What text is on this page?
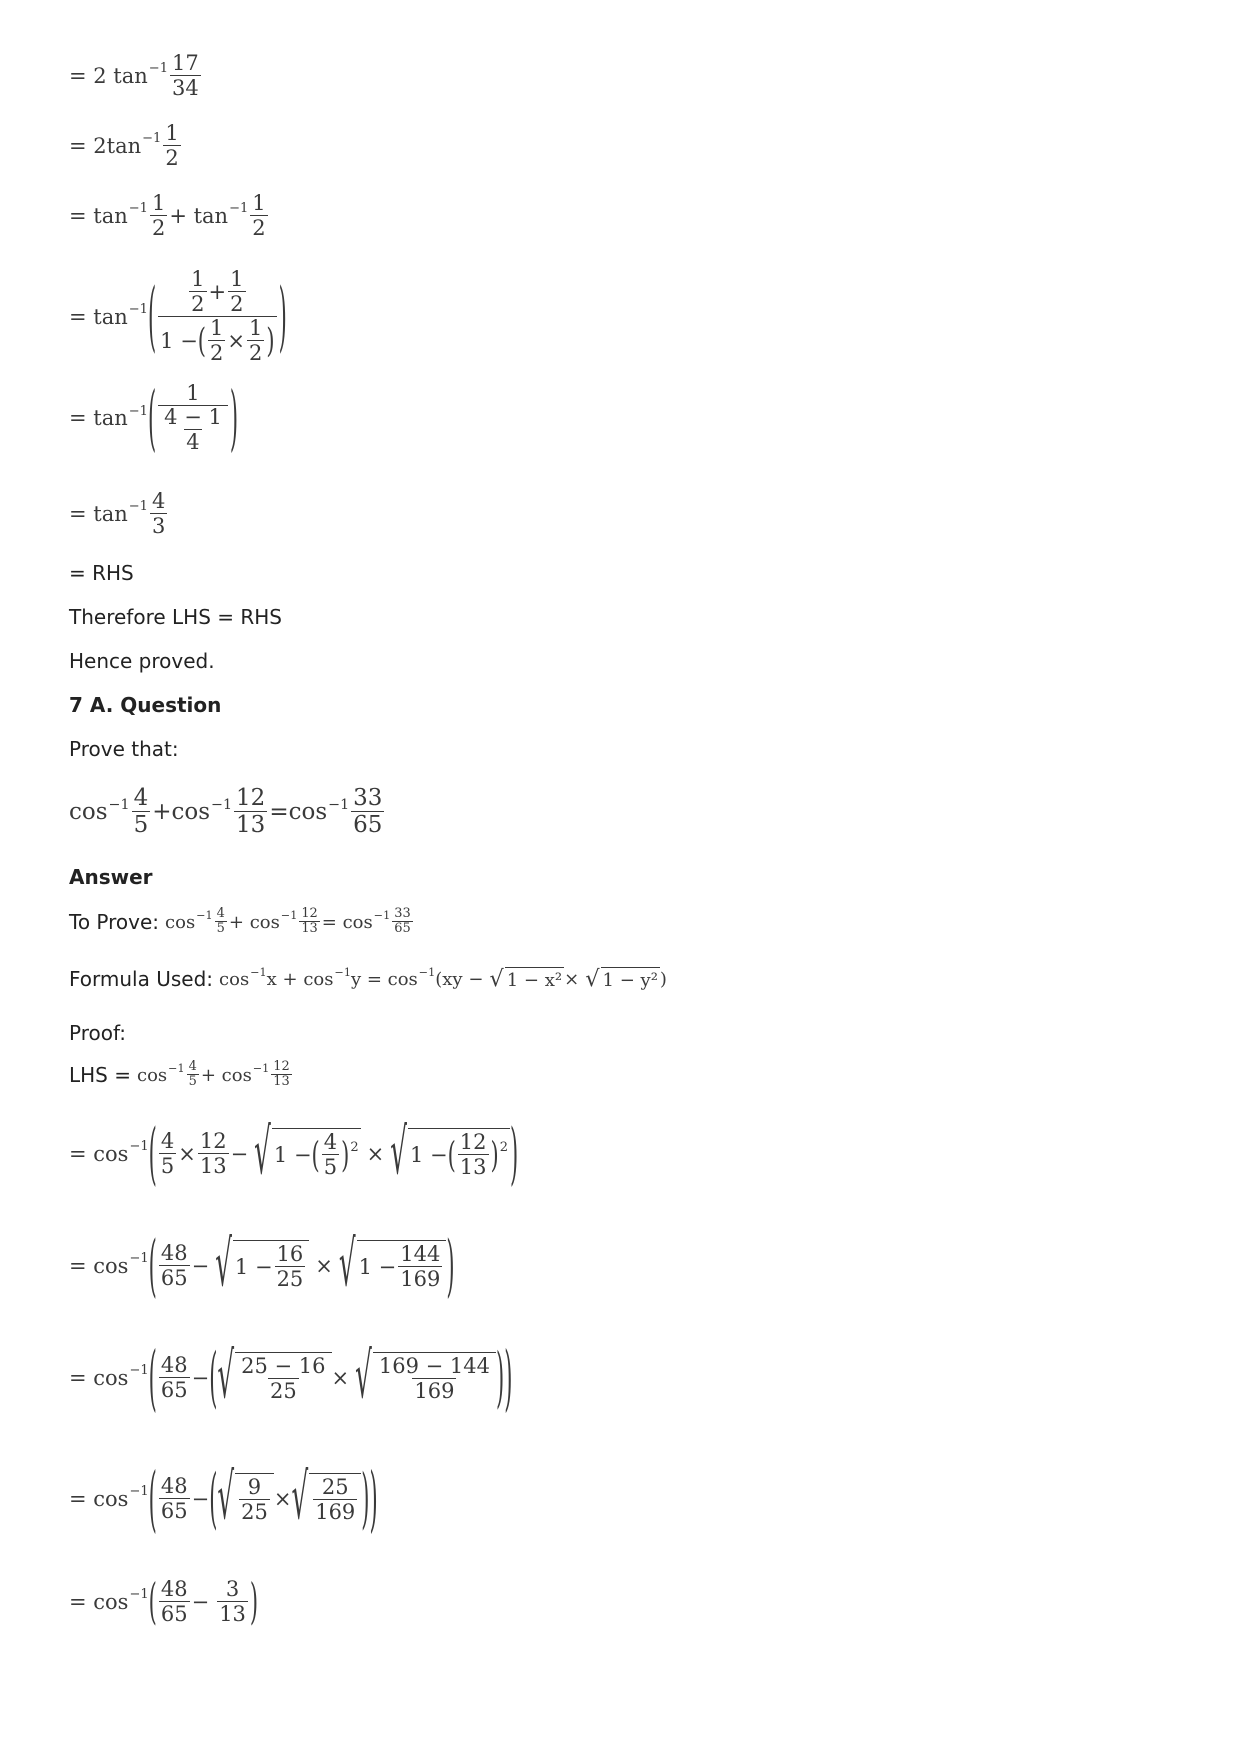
= 2 $\tan -1 \frac{17}{34}$
= $2\tan -1 \frac{1}{2}$
= $\tan -1 \frac{1}{2} + \tan -1 \frac{1}{2}$
= tan −1 ( $\frac{\frac{1}{2} + \frac{1}{2}}{1 - ( \frac{1}{2} \times \frac{1}{2} )}$ )
= tan −1 ( $\frac{1}{\frac{4 - 1}{4}}$ )
= $\tan -1 \frac{4}{3}$
= RHS
Therefore LHS = RHS
Hence proved.
7 A. Question
Prove that:
$\cos -1 \frac{4}{5} + \cos -1 \frac{12}{13} = \cos -1 \frac{33}{65}$
Answer
To Prove: $\cos -1 \frac{4}{5} + \cos -1 \frac{12}{13} = \cos -1 \frac{33}{65}$
Formula Used: cos −1 x + cos −1 y = cos −1 (xy − √ 1 − x² × √ 1 − y² )
Proof:
LHS = $\cos -1 \frac{4}{5} + \cos -1 \frac{12}{13}$
= cos −1 ( $\frac{4}{5} \times \frac{12}{13}$ − √ 1 − ( $\frac{4}{5}$ ) 2 × √ 1 − ( $\frac{12}{13}$ ) 2 )
= cos −1 ( $\frac{48}{65}$ − √ $1 - \frac{16}{25}$ × √ $1 - \frac{144}{169}$ )
= cos −1 ( $\frac{48}{65}$ − ( √ $\frac{25 - 16}{25}$ × √ $\frac{169 - 144}{169}$ ) )
= cos −1 ( $\frac{48}{65}$ − ( √ $\frac{9}{25}$ × √ $\frac{25}{169}$ ) )
= cos −1 ( $\frac{48}{65} - \frac{3}{13}$ )
